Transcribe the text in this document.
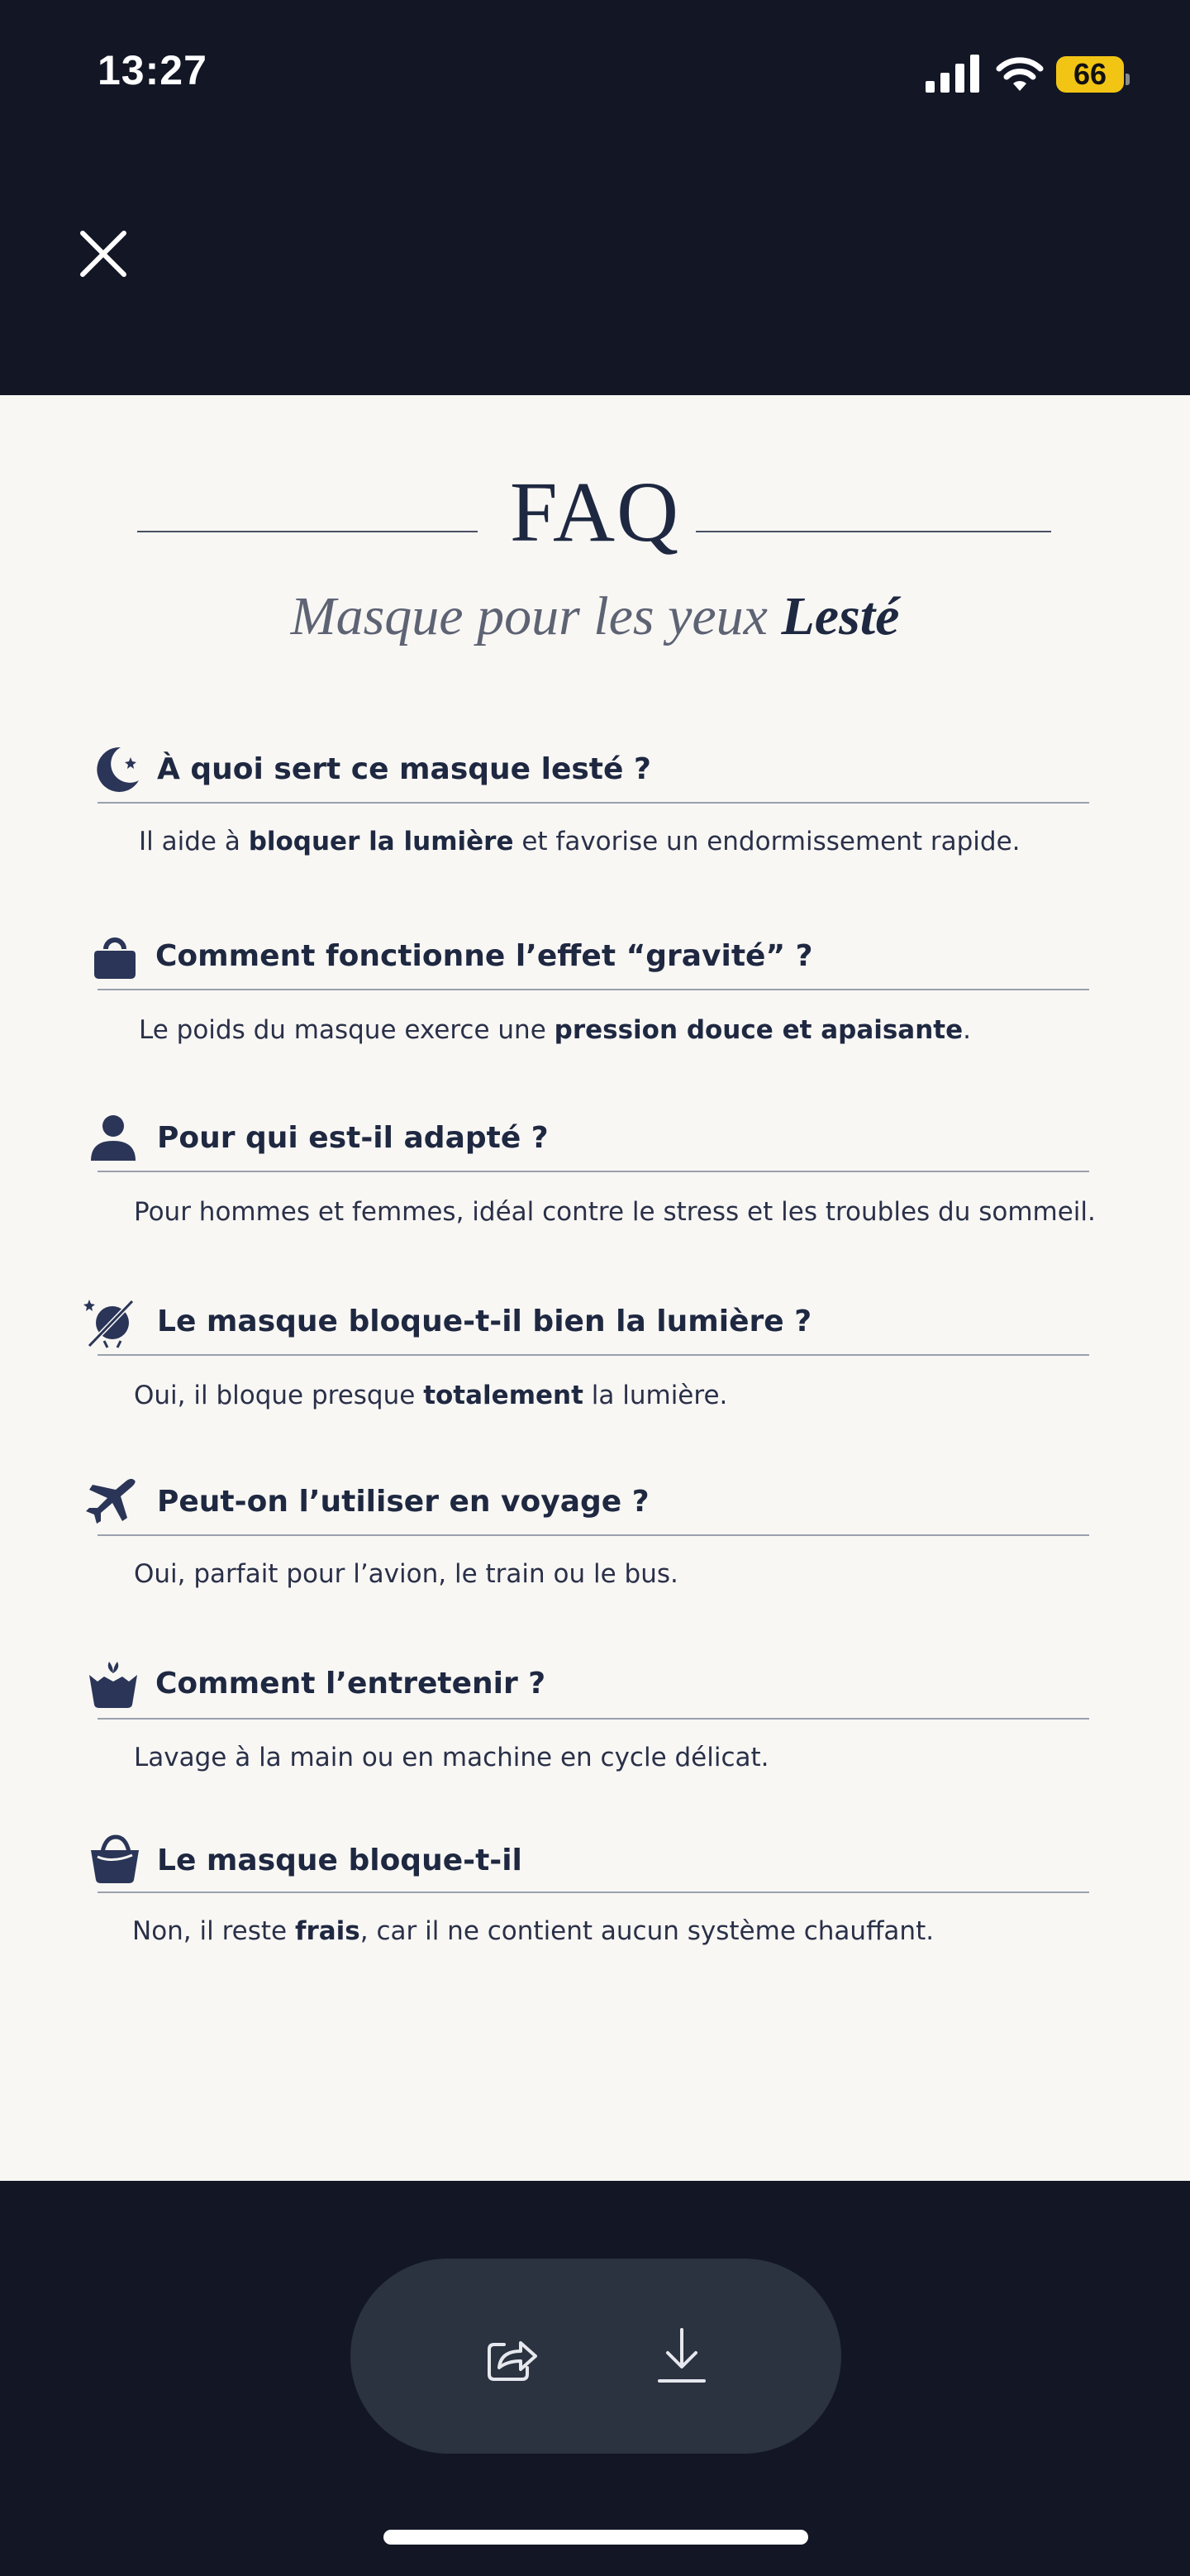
13:27	66
FAQ
Masque pour les yeux Lesté
À quoi sert ce masque lesté ?
Il aide à bloquer la lumière et favorise un endormissement rapide.
Comment fonctionne l’effet “gravité” ?
Le poids du masque exerce une pression douce et apaisante.
Pour qui est-il adapté ?
Pour hommes et femmes, idéal contre le stress et les troubles du sommeil.
Le masque bloque-t-il bien la lumière ?
Oui, il bloque presque totalement la lumière.
Peut-on l’utiliser en voyage ?
Oui, parfait pour l’avion, le train ou le bus.
Comment l’entretenir ?
Lavage à la main ou en machine en cycle délicat.
Le masque bloque-t-il
Non, il reste frais, car il ne contient aucun système chauffant.
